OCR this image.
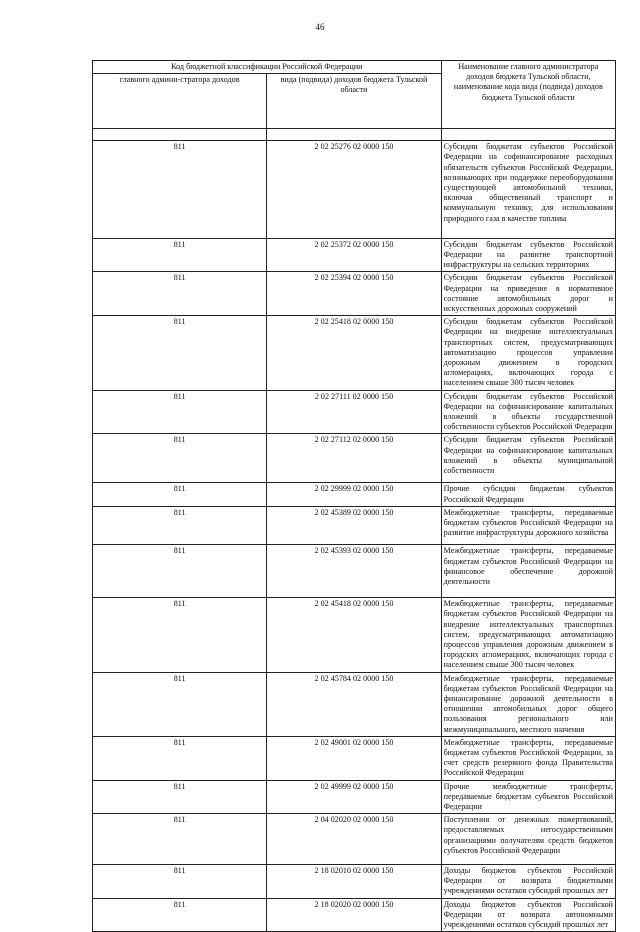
46
Код бюджетной классификации Российской Федерации		Наименование главного администратора доходов бюджета Тульской области, наименование кода вида (подвида) доходов бюджета Тульской области
главного админи-стратора доходов	вида (подвида) доходов бюджета Тульской области	

811	2 02 25276 02 0000 150	Субсидии бюджетам субъектов Российской Федерации на софинансирование расходных обязательств субъектов Российской Федерации, возникающих при поддержке переоборудования существующей автомобильной техники, включая общественный транспорт и коммунальную технику, для использования природного газа в качестве топлива
811	2 02 25372 02 0000 150	Субсидии бюджетам субъектов Российской Федерации на развитие транспортной инфраструктуры на сельских территориях
811	2 02 25394 02 0000 150	Субсидии бюджетам субъектов Российской Федерации на приведение в нормативное состояние автомобильных дорог и искусственных дорожных сооружений
811	2 02 25418 02 0000 150	Субсидии бюджетам субъектов Российской Федерации на внедрение интеллектуальных транспортных систем, предусматривающих автоматизацию процессов управления дорожным движением в городских агломерациях, включающих города с населением свыше 300 тысяч человек
811	2 02 27111 02 0000 150	Субсидии бюджетам субъектов Российской Федерации на софинансирование капитальных вложений в объекты государственной собственности субъектов Российской Федерации
811	2 02 27112 02 0000 150	Субсидии бюджетам субъектов Российской Федерации на софинансирование капитальных вложений в объекты муниципальной собственности
811	2 02 29999 02 0000 150	Прочие субсидии бюджетам субъектов Российской Федерации
811	2 02 45389 02 0000 150	Межбюджетные трансферты, передаваемые бюджетам субъектов Российской Федерации на развитие инфраструктуры дорожного хозяйства
811	2 02 45393 02 0000 150	Межбюджетные трансферты, передаваемые бюджетам субъектов Российской Федерации на финансовое обеспечение дорожной деятельности
811	2 02 45418 02 0000 150	Межбюджетные трансферты, передаваемые бюджетам субъектов Российской Федерации на внедрение интеллектуальных транспортных систем, предусматривающих автоматизацию процессов управления дорожным движением в городских агломерациях, включающих города с населением свыше 300 тысяч человек
811	2 02 45784 02 0000 150	Межбюджетные трансферты, передаваемые бюджетам субъектов Российской Федерации на финансирование дорожной деятельности в отношении автомобильных дорог общего пользования регионального или межмуниципального, местного значения
811	2 02 49001 02 0000 150	Межбюджетные трансферты, передаваемые бюджетам субъектов Российской Федерации, за счет средств резервного фонда Правительства Российской Федерации
811	2 02 49999 02 0000 150	Прочие межбюджетные трансферты, передаваемые бюджетам субъектов Российской Федерации
811	2 04 02020 02 0000 150	Поступления от денежных пожертвований, предоставляемых негосударственными организациями получателям средств бюджетов субъектов Российской Федерации
811	2 18 02010 02 0000 150	Доходы бюджетов субъектов Российской Федерации от возврата бюджетными учреждениями остатков субсидий прошлых лет
811	2 18 02020 02 0000 150	Доходы бюджетов субъектов Российской Федерации от возврата автономными учреждениями остатков субсидий прошлых лет
